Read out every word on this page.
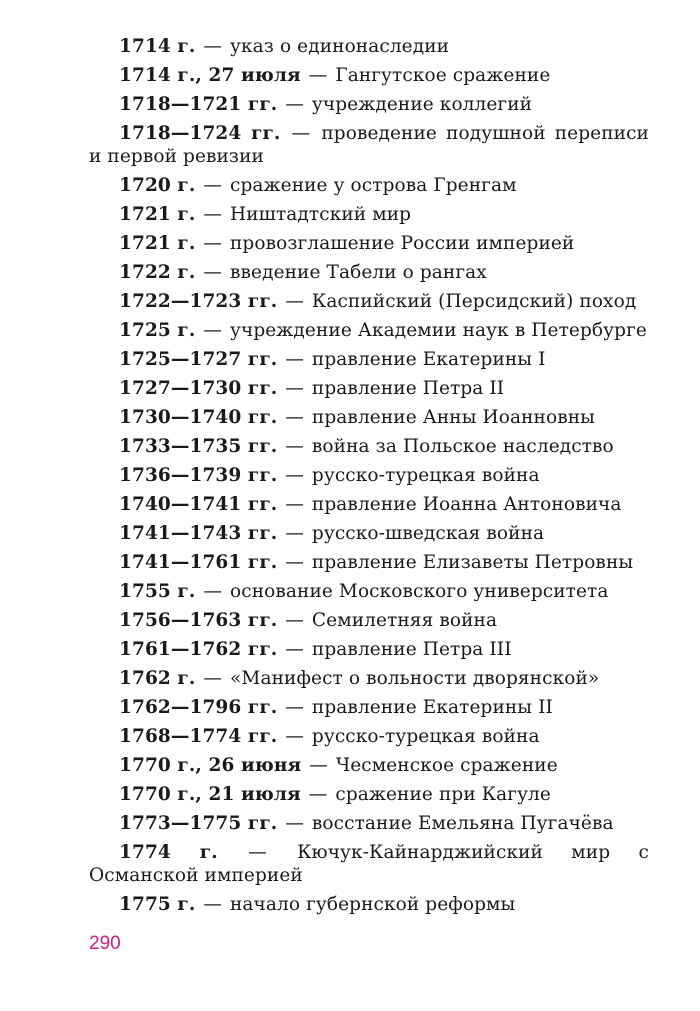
1714 г. — указ о единонаследии
1714 г., 27 июля — Гангутское сражение
1718—1721 гг. — учреждение коллегий
1718—1724 гг. — проведение подушной переписи и первой ревизии
1720 г. — сражение у острова Гренгам
1721 г. — Ништадтский мир
1721 г. — провозглашение России империей
1722 г. — введение Табели о рангах
1722—1723 гг. — Каспийский (Персидский) поход
1725 г. — учреждение Академии наук в Петербурге
1725—1727 гг. — правление Екатерины I
1727—1730 гг. — правление Петра II
1730—1740 гг. — правление Анны Иоанновны
1733—1735 гг. — война за Польское наследство
1736—1739 гг. — русско-турецкая война
1740—1741 гг. — правление Иоанна Антоновича
1741—1743 гг. — русско-шведская война
1741—1761 гг. — правление Елизаветы Петровны
1755 г. — основание Московского университета
1756—1763 гг. — Семилетняя война
1761—1762 гг. — правление Петра III
1762 г. — «Манифест о вольности дворянской»
1762—1796 гг. — правление Екатерины II
1768—1774 гг. — русско-турецкая война
1770 г., 26 июня — Чесменское сражение
1770 г., 21 июля — сражение при Кагуле
1773—1775 гг. — восстание Емельяна Пугачёва
1774 г. — Кючук-Кайнарджийский мир с Османской империей
1775 г. — начало губернской реформы
290
